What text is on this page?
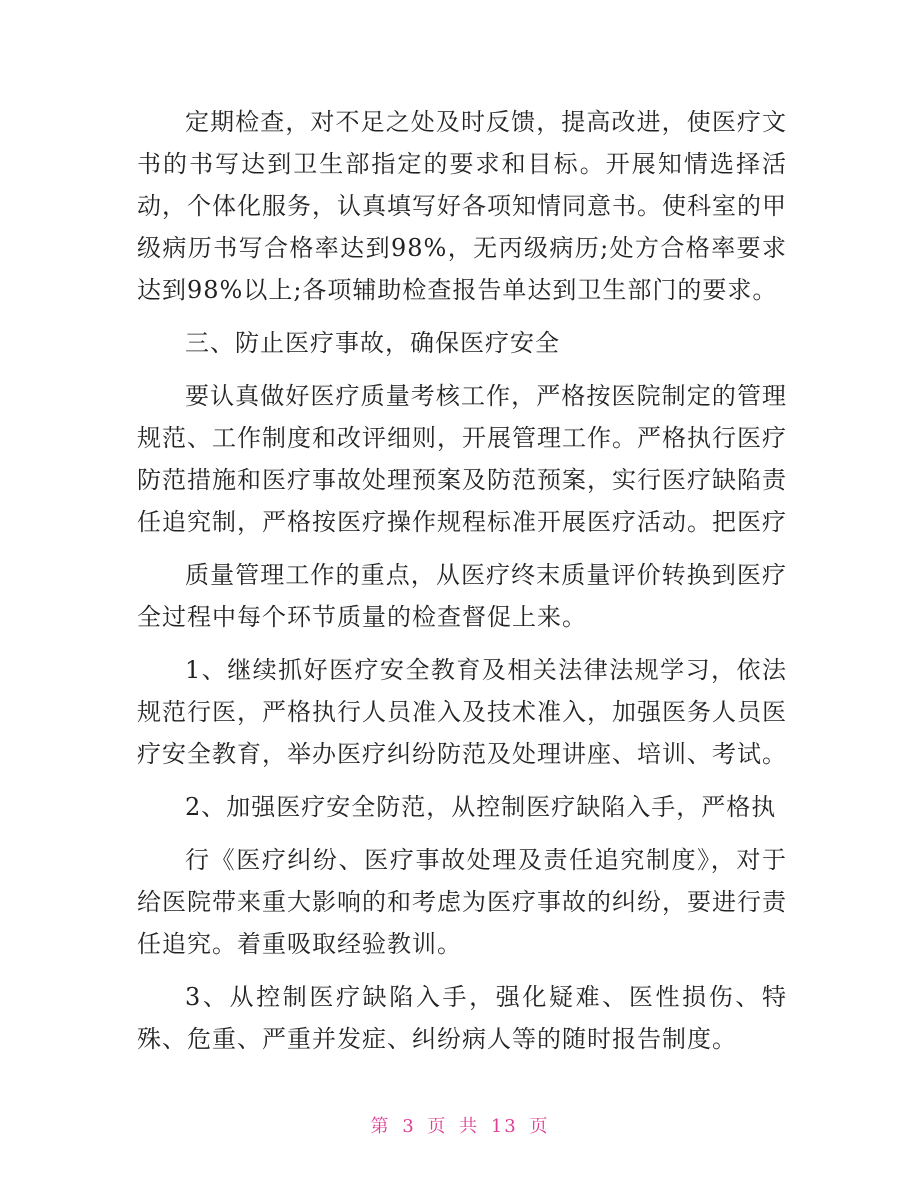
定期检查，对不足之处及时反馈，提高改进，使医疗文书的书写达到卫生部指定的要求和目标。开展知情选择活动，个体化服务，认真填写好各项知情同意书。使科室的甲级病历书写合格率达到98%，无丙级病历;处方合格率要求达到98%以上;各项辅助检查报告单达到卫生部门的要求。

三、防止医疗事故，确保医疗安全

要认真做好医疗质量考核工作，严格按医院制定的管理规范、工作制度和改评细则，开展管理工作。严格执行医疗防范措施和医疗事故处理预案及防范预案，实行医疗缺陷责任追究制，严格按医疗操作规程标准开展医疗活动。把医疗

质量管理工作的重点，从医疗终末质量评价转换到医疗全过程中每个环节质量的检查督促上来。

1、继续抓好医疗安全教育及相关法律法规学习，依法规范行医，严格执行人员准入及技术准入，加强医务人员医疗安全教育，举办医疗纠纷防范及处理讲座、培训、考试。

2、加强医疗安全防范，从控制医疗缺陷入手，严格执

行《医疗纠纷、医疗事故处理及责任追究制度》，对于给医院带来重大影响的和考虑为医疗事故的纠纷，要进行责任追究。着重吸取经验教训。

3、从控制医疗缺陷入手，强化疑难、医性损伤、特殊、危重、严重并发症、纠纷病人等的随时报告制度。

第 3 页 共 13 页
